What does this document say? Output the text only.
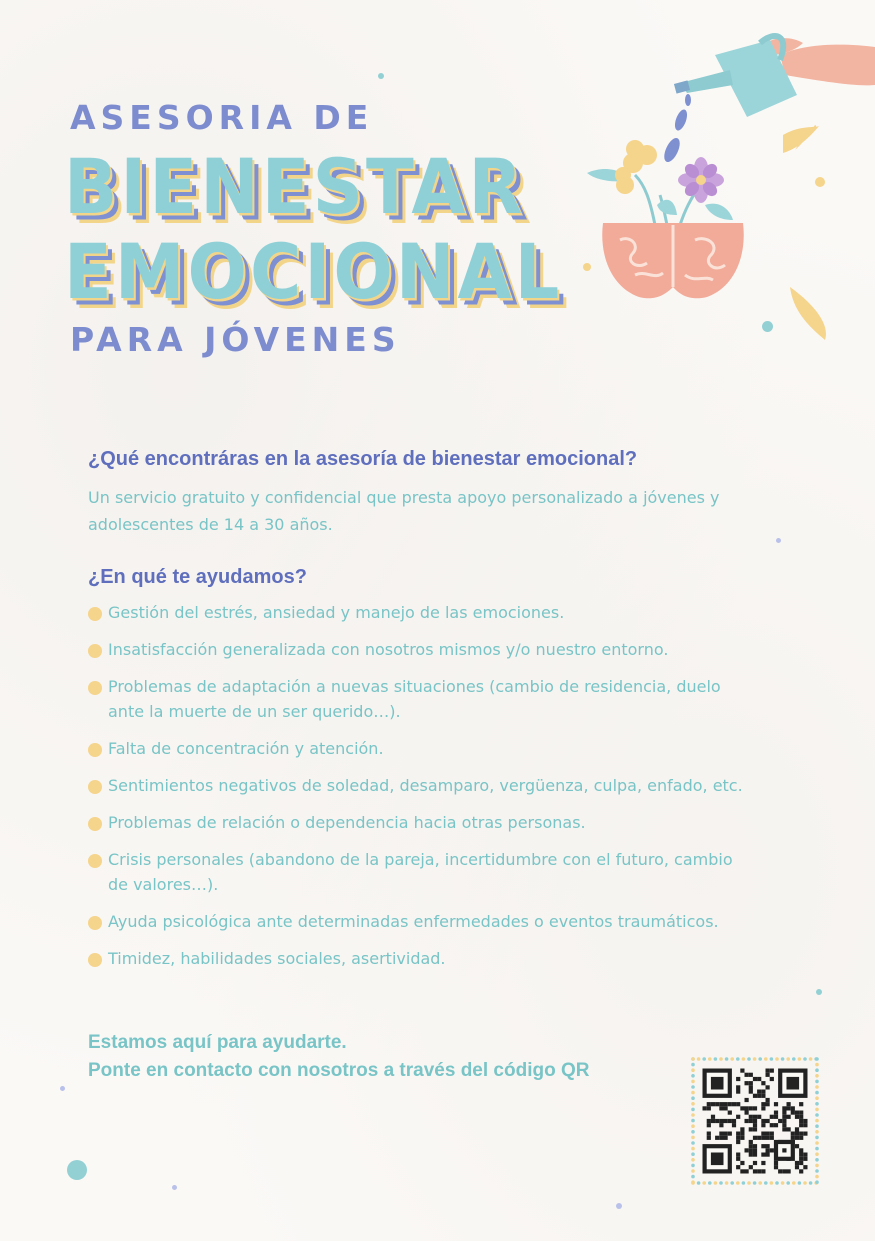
ASESORIA DE
BIENESTAR
EMOCIONAL
PARA JÓVENES
¿Qué encontráras en la asesoría de bienestar emocional?
Un servicio gratuito y confidencial que presta apoyo personalizado a jóvenes y
adolescentes de 14 a 30 años.
¿En qué te ayudamos?
Gestión del estrés, ansiedad y manejo de las emociones.
Insatisfacción generalizada con nosotros mismos y/o nuestro entorno.
Problemas de adaptación a nuevas situaciones (cambio de residencia, duelo
ante la muerte de un ser querido…).
Falta de concentración y atención.
Sentimientos negativos de soledad, desamparo, vergüenza, culpa, enfado, etc.
Problemas de relación o dependencia hacia otras personas.
Crisis personales (abandono de la pareja, incertidumbre con el futuro, cambio
de valores…).
Ayuda psicológica ante determinadas enfermedades o eventos traumáticos.
Timidez, habilidades sociales, asertividad.
Estamos aquí para ayudarte.
Ponte en contacto con nosotros a través del código QR
